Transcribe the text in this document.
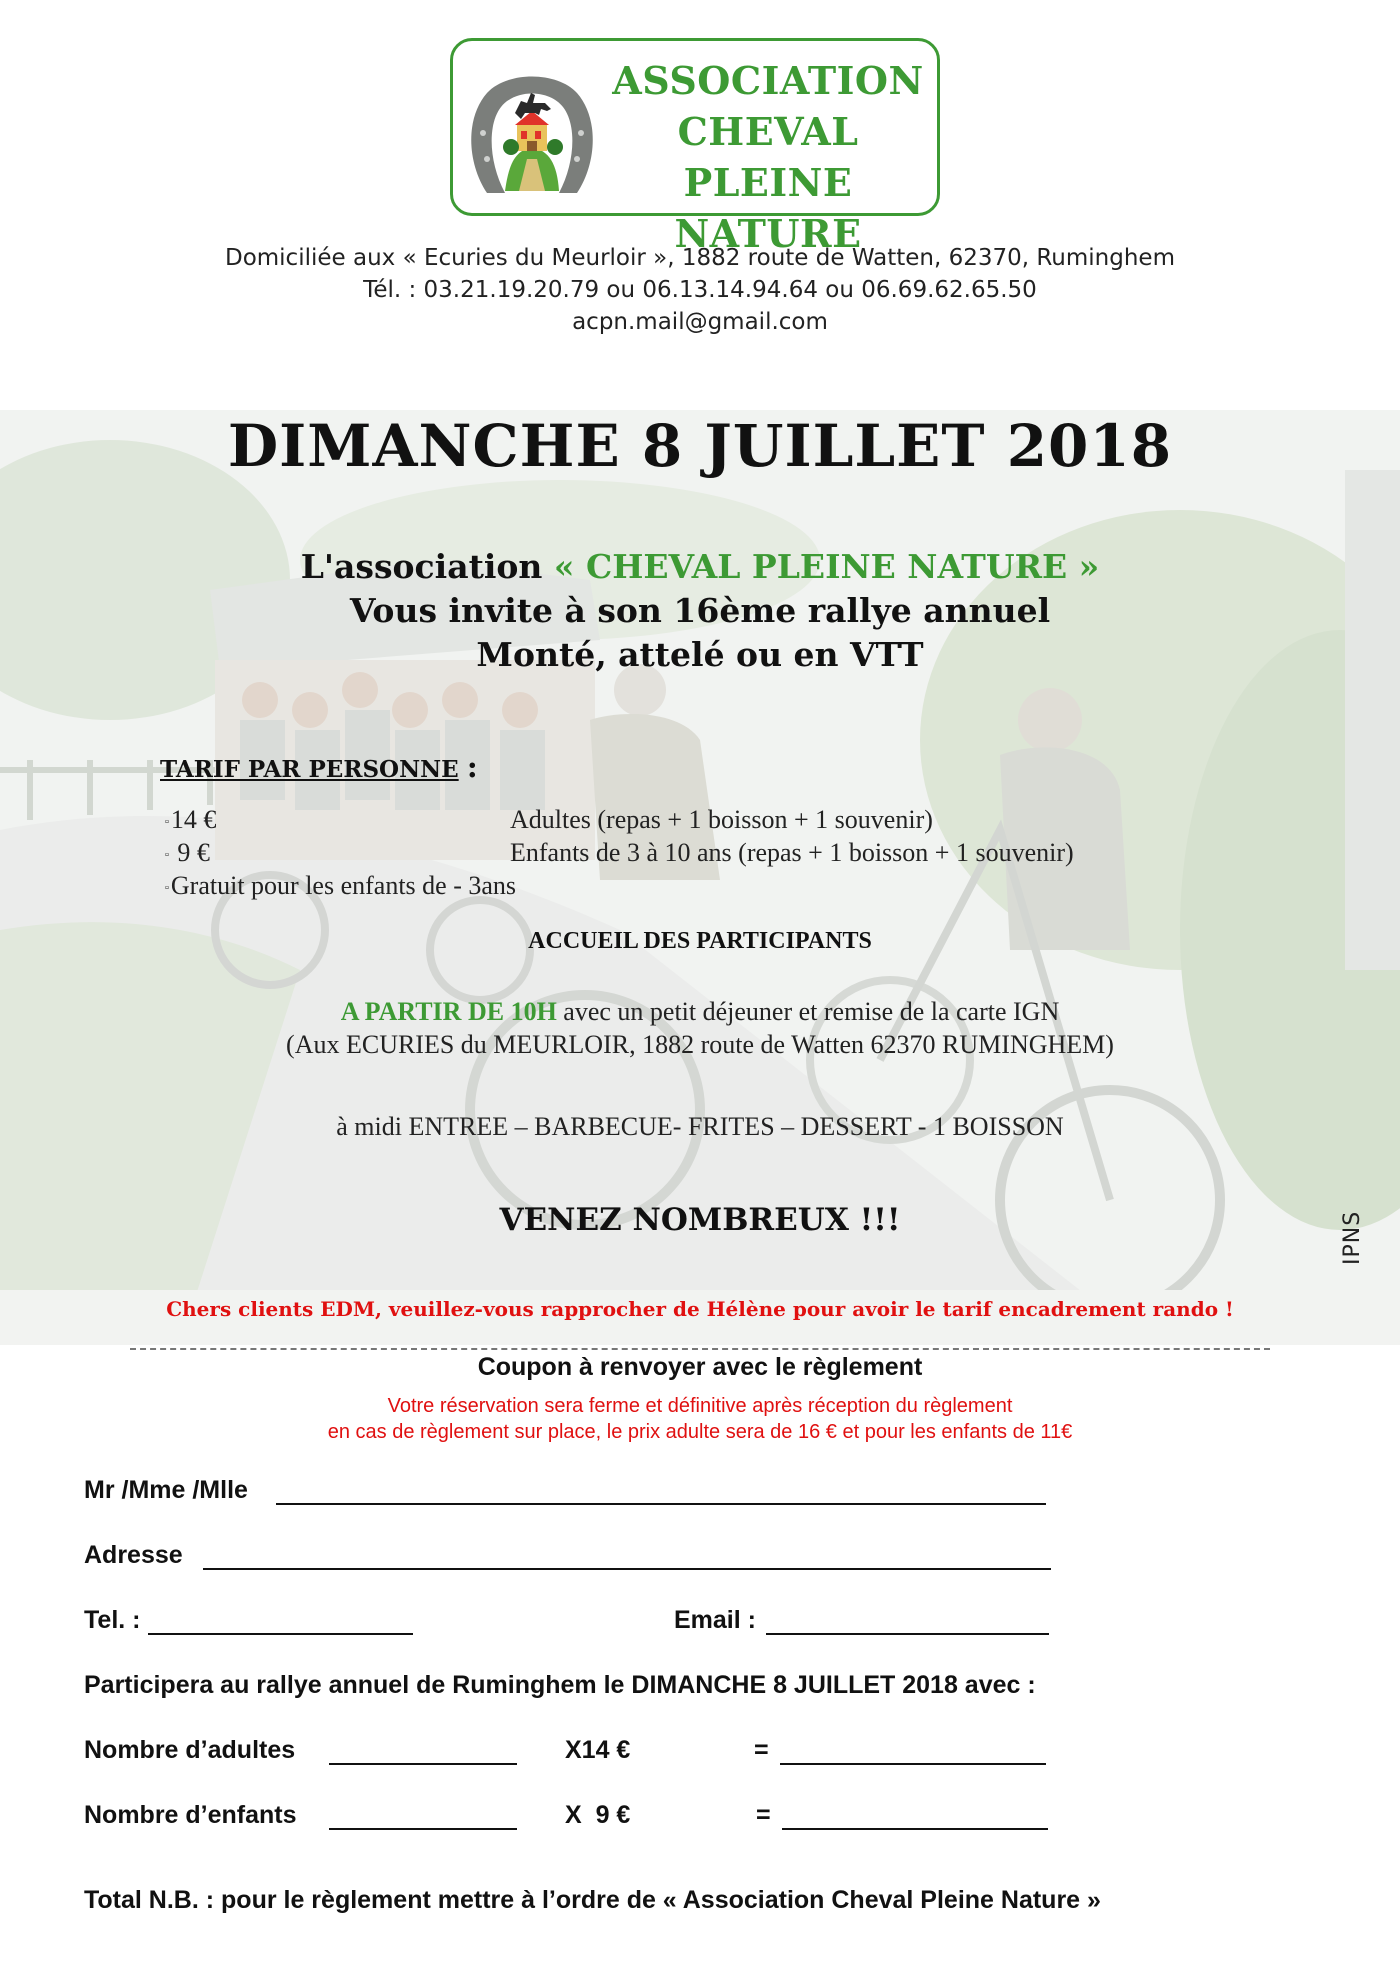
ASSOCIATION
CHEVAL
PLEINE NATURE
Domiciliée aux « Ecuries du Meurloir », 1882 route de Watten, 62370, Ruminghem
Tél. : 03.21.19.20.79 ou 06.13.14.94.64 ou 06.69.62.65.50
acpn.mail@gmail.com
DIMANCHE 8 JUILLET 2018
L'association « CHEVAL PLEINE NATURE »
Vous invite à son 16ème rallye annuel
Monté, attelé ou en VTT
TARIF PAR PERSONNE :
▫14 €	Adultes (repas + 1 boisson + 1 souvenir)
▫ 9 €	Enfants de 3 à 10 ans (repas + 1 boisson + 1 souvenir)
▫Gratuit pour les enfants de - 3ans
ACCUEIL DES PARTICIPANTS
A PARTIR DE 10H avec un petit déjeuner et remise de la carte IGN
(Aux ECURIES du MEURLOIR, 1882 route de Watten 62370 RUMINGHEM)
à midi ENTREE – BARBECUE- FRITES – DESSERT - 1 BOISSON
VENEZ NOMBREUX !!!	IPNS
Chers clients EDM, veuillez-vous rapprocher de Hélène pour avoir le tarif encadrement rando !
Coupon à renvoyer avec le règlement
Votre réservation sera ferme et définitive après réception du règlement
en cas de règlement sur place, le prix adulte sera de 16 € et pour les enfants de 11€
Mr /Mme /Mlle
Adresse
Tel. :	Email :
Participera au rallye annuel de Ruminghem le DIMANCHE 8 JUILLET 2018 avec :
Nombre d’adultes	X14 €	=
Nombre d’enfants	X  9 €	=
Total N.B. : pour le règlement mettre à l’ordre de « Association Cheval Pleine Nature »
